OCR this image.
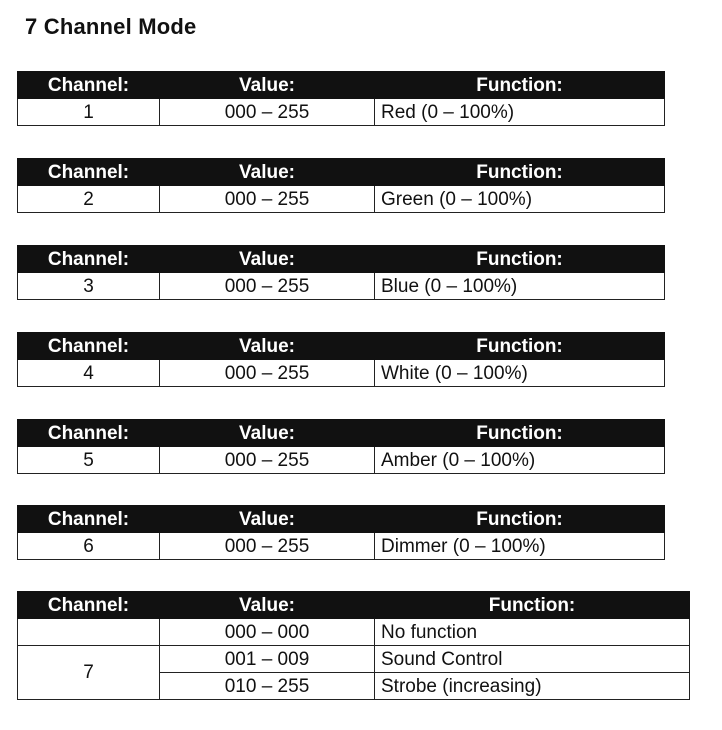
7 Channel Mode
Channel:	Value:	Function:
1	000 – 255	Red (0 – 100%)
Channel:	Value:	Function:
2	000 – 255	Green (0 – 100%)
Channel:	Value:	Function:
3	000 – 255	Blue (0 – 100%)
Channel:	Value:	Function:
4	000 – 255	White (0 – 100%)
Channel:	Value:	Function:
5	000 – 255	Amber (0 – 100%)
Channel:	Value:	Function:
6	000 – 255	Dimmer (0 – 100%)
Channel:	Value:	Function:
	000 – 000	No function
7	001 – 009	Sound Control
	010 – 255	Strobe (increasing)
